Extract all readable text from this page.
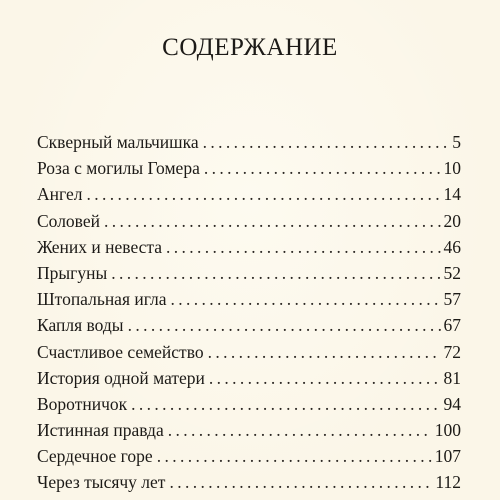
СОДЕРЖАНИЕ
Скверный мальчишка . . .	5
Роза с могилы Гомера . . .	10
Ангел . . .	14
Соловей . . .	20
Жених и невеста . . .	46
Прыгуны . . .	52
Штопальная игла . . .	57
Капля воды . . .	67
Счастливое семейство . . .	72
История одной матери . . .	81
Воротничок . . .	94
Истинная правда . . .	100
Сердечное горе . . .	107
Через тысячу лет . . .	112
